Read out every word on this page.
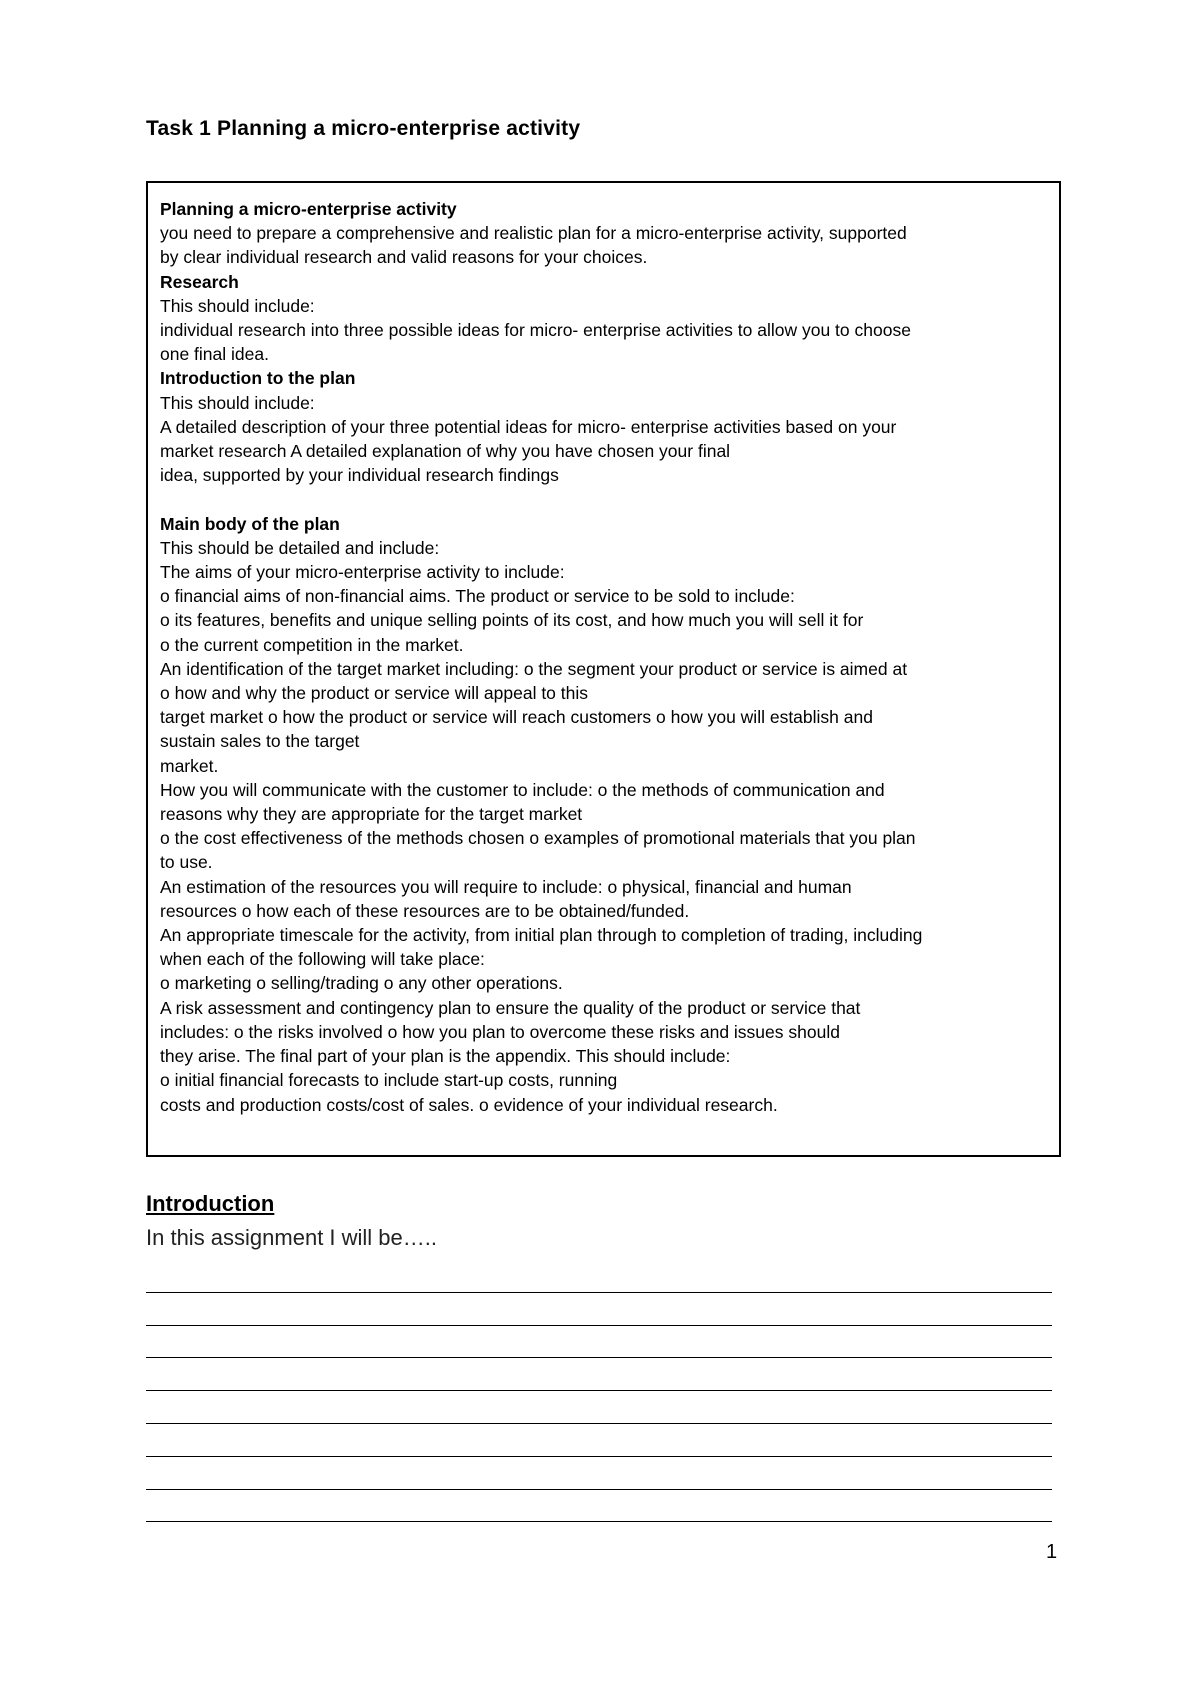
Task 1 Planning a micro-enterprise activity
Planning a micro-enterprise activity
you need to prepare a comprehensive and realistic plan for a micro-enterprise activity, supported
by clear individual research and valid reasons for your choices.
Research
This should include:
individual research into three possible ideas for micro- enterprise activities to allow you to choose
one final idea.
Introduction to the plan
This should include:
A detailed description of your three potential ideas for micro- enterprise activities based on your
market research A detailed explanation of why you have chosen your final
idea, supported by your individual research findings
Main body of the plan
This should be detailed and include:
The aims of your micro-enterprise activity to include:
o financial aims of non-financial aims. The product or service to be sold to include:
o its features, benefits and unique selling points of its cost, and how much you will sell it for
o the current competition in the market.
An identification of the target market including: o the segment your product or service is aimed at
o how and why the product or service will appeal to this
target market o how the product or service will reach customers o how you will establish and
sustain sales to the target
market.
How you will communicate with the customer to include: o the methods of communication and
reasons why they are appropriate for the target market
o the cost effectiveness of the methods chosen o examples of promotional materials that you plan
to use.
An estimation of the resources you will require to include: o physical, financial and human
resources o how each of these resources are to be obtained/funded.
An appropriate timescale for the activity, from initial plan through to completion of trading, including
when each of the following will take place:
o marketing o selling/trading o any other operations.
A risk assessment and contingency plan to ensure the quality of the product or service that
includes: o the risks involved o how you plan to overcome these risks and issues should
they arise. The final part of your plan is the appendix. This should include:
o initial financial forecasts to include start-up costs, running
costs and production costs/cost of sales. o evidence of your individual research.
Introduction
In this assignment I will be…..
1
